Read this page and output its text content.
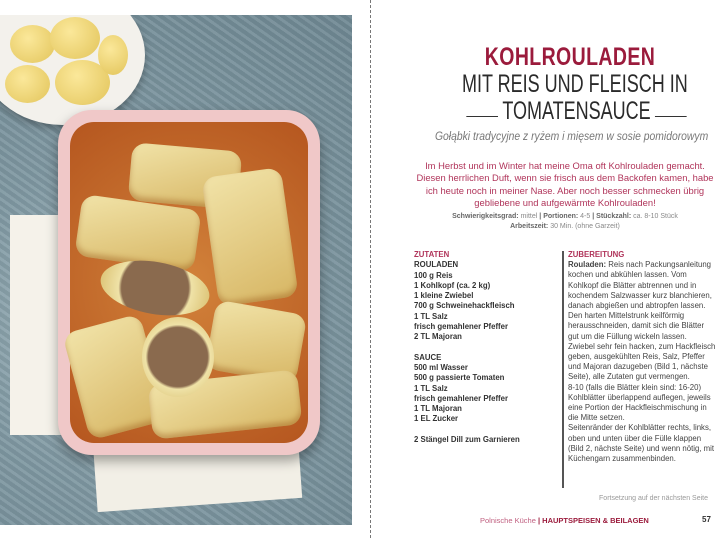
KOHLROULADEN
MIT REIS UND FLEISCH IN
TOMATENSAUCE
Gołąbki tradycyjne z ryżem i mięsem w sosie pomidorowym
Im Herbst und im Winter hat meine Oma oft Kohlrouladen gemacht. Diesen herrlichen Duft, wenn sie frisch aus dem Backofen kamen, habe ich heute noch in meiner Nase. Aber noch besser schmecken übrig gebliebene und aufgewärmte Kohlrouladen!
Schwierigkeitsgrad: mittel | Portionen: 4-5 | Stückzahl: ca. 8-10 Stück
Arbeitszeit: 30 Min. (ohne Garzeit)
ZUTATEN
ROULADEN
100 g Reis
1 Kohlkopf (ca. 2 kg)
1 kleine Zwiebel
700 g Schweinehackfleisch
1 TL Salz
frisch gemahlener Pfeffer
2 TL Majoran
SAUCE
500 ml Wasser
500 g passierte Tomaten
1 TL Salz
frisch gemahlener Pfeffer
1 TL Majoran
1 EL Zucker
2 Stängel Dill zum Garnieren
ZUBEREITUNG
Rouladen: Reis nach Packungsanleitung kochen und abkühlen lassen. Vom Kohlkopf die Blätter abtrennen und in kochendem Salzwasser kurz blanchieren, danach abgießen und abtropfen lassen.
Den harten Mittelstrunk keilförmig herausschneiden, damit sich die Blätter gut um die Füllung wickeln lassen.
Zwiebel sehr fein hacken, zum Hackfleisch geben, ausgekühlten Reis, Salz, Pfeffer und Majoran dazugeben (Bild 1, nächste Seite), alle Zutaten gut vermengen.
8-10 (falls die Blätter klein sind: 16-20) Kohlblätter überlappend auflegen, jeweils eine Portion der Hackfleischmischung in die Mitte setzen.
Seitenränder der Kohlblätter rechts, links, oben und unten über die Fülle klappen (Bild 2, nächste Seite) und wenn nötig, mit Küchengarn zusammenbinden.
Fortsetzung auf der nächsten Seite
Polnische Küche | HAUPTSPEISEN & BEILAGEN	57
